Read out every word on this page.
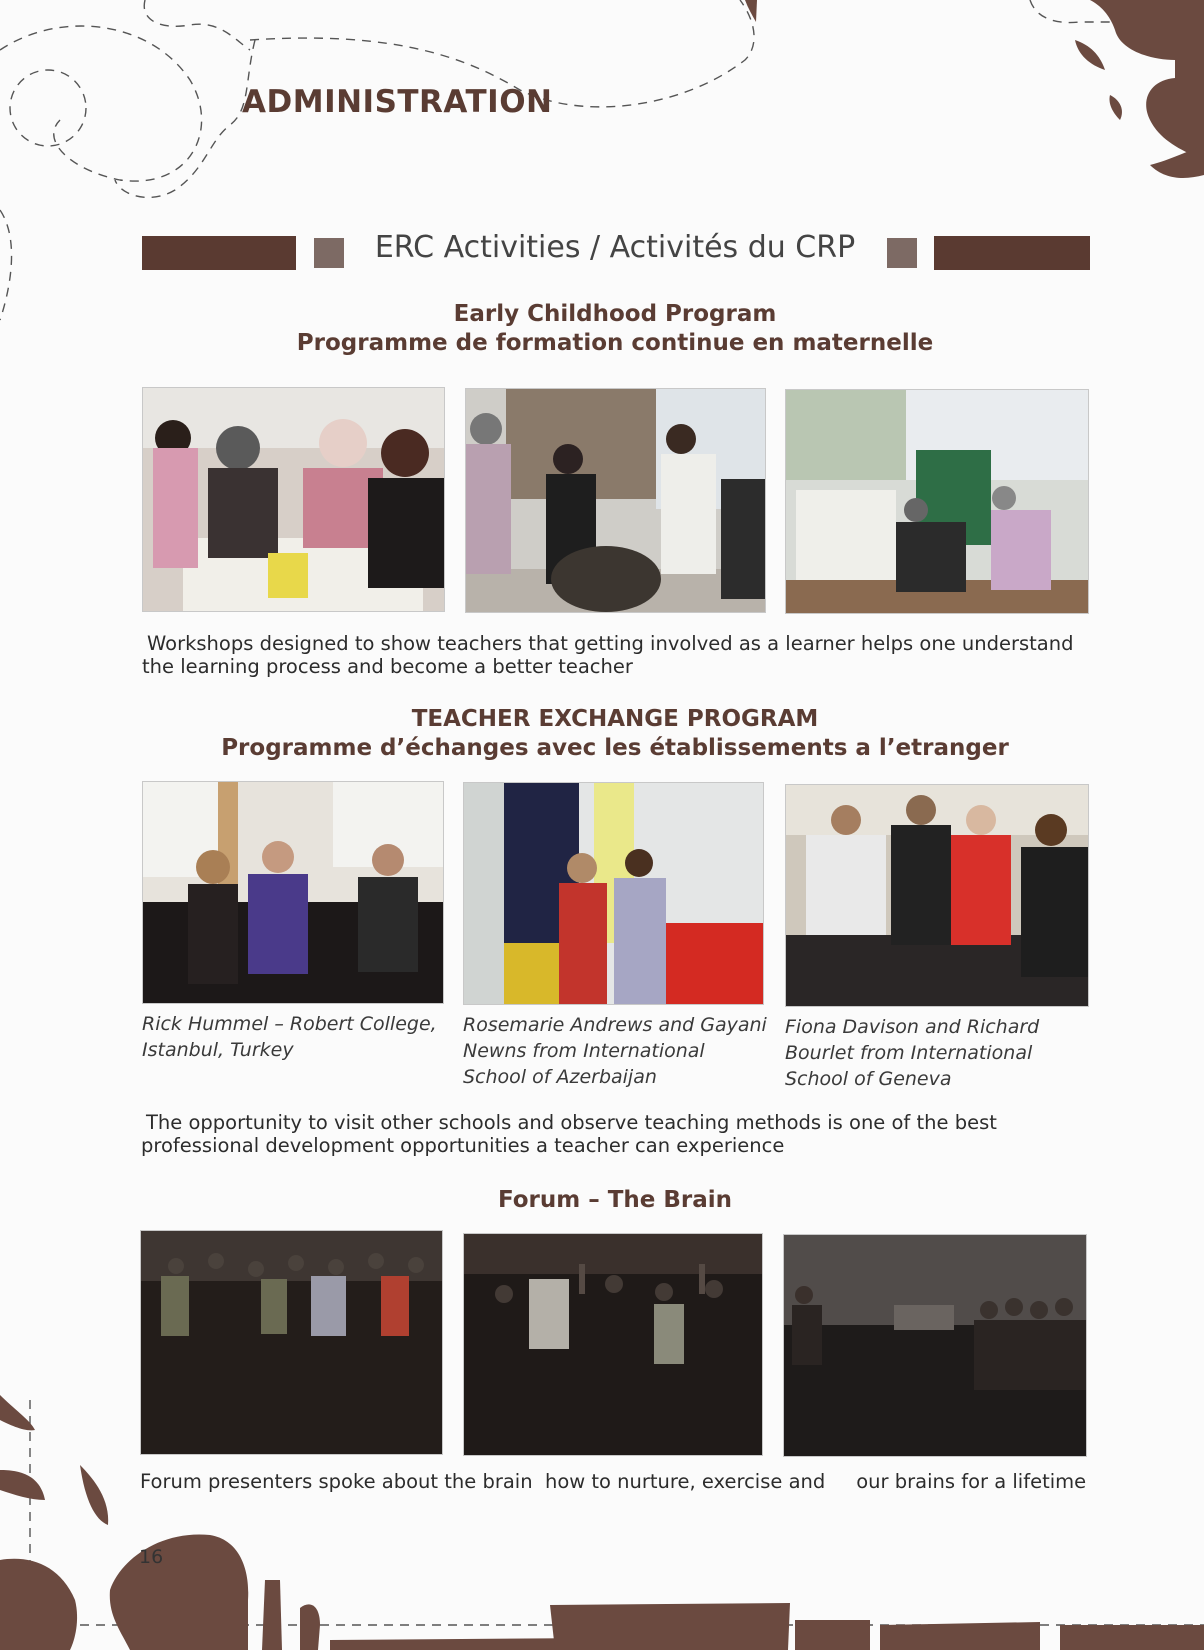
ADMINISTRATION
ERC Activities / Activités du CRP
Early Childhood Program
Programme de formation continue en maternelle
Workshops designed to show teachers that getting involved as a learner helps one understand the learning process and become a better teacher
TEACHER EXCHANGE PROGRAM
Programme d’échanges avec les établissements a l’etranger
Rick Hummel – Robert College, Istanbul, Turkey
Rosemarie Andrews and Gayani Newns from International School of Azerbaijan
Fiona Davison and Richard Bourlet from International School of Geneva
The opportunity to visit other schools and observe teaching methods is one of the best professional development opportunities a teacher can experience
Forum – The Brain
Forum presenters spoke about the brain  how to nurture, exercise and     our brains for a lifetime
16
